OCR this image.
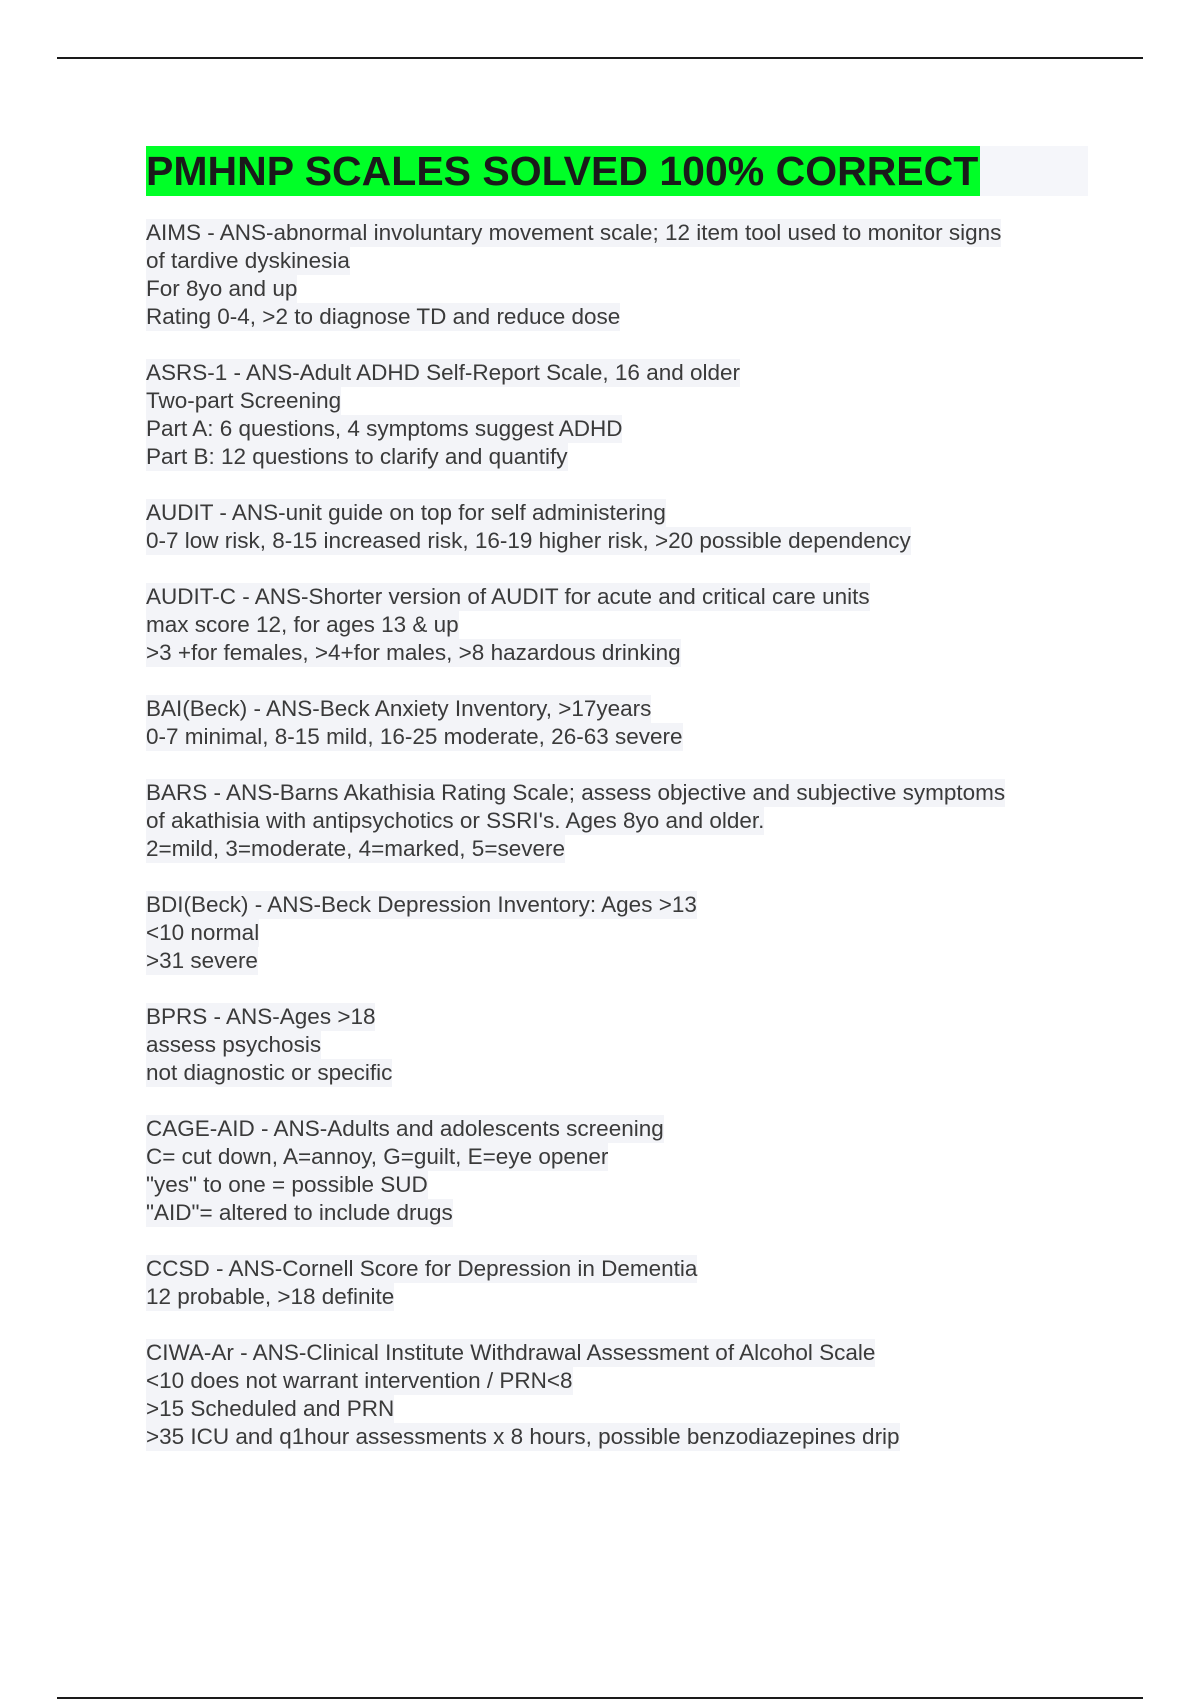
PMHNP SCALES SOLVED 100% CORRECT
AIMS - ANS-abnormal involuntary movement scale; 12 item tool used to monitor signs
of tardive dyskinesia
For 8yo and up
Rating 0-4, >2 to diagnose TD and reduce dose
ASRS-1 - ANS-Adult ADHD Self-Report Scale, 16 and older
Two-part Screening
Part A: 6 questions, 4 symptoms suggest ADHD
Part B: 12 questions to clarify and quantify
AUDIT - ANS-unit guide on top for self administering
0-7 low risk, 8-15 increased risk, 16-19 higher risk, >20 possible dependency
AUDIT-C - ANS-Shorter version of AUDIT for acute and critical care units
max score 12, for ages 13 & up
>3 +for females, >4+for males, >8 hazardous drinking
BAI(Beck) - ANS-Beck Anxiety Inventory, >17years
0-7 minimal, 8-15 mild, 16-25 moderate, 26-63 severe
BARS - ANS-Barns Akathisia Rating Scale; assess objective and subjective symptoms
of akathisia with antipsychotics or SSRI's. Ages 8yo and older.
2=mild, 3=moderate, 4=marked, 5=severe
BDI(Beck) - ANS-Beck Depression Inventory: Ages >13
<10 normal
>31 severe
BPRS - ANS-Ages >18
assess psychosis
not diagnostic or specific
CAGE-AID - ANS-Adults and adolescents screening
C= cut down, A=annoy, G=guilt, E=eye opener
"yes" to one = possible SUD
"AID"= altered to include drugs
CCSD - ANS-Cornell Score for Depression in Dementia
12 probable, >18 definite
CIWA-Ar - ANS-Clinical Institute Withdrawal Assessment of Alcohol Scale
<10 does not warrant intervention / PRN<8
>15 Scheduled and PRN
>35 ICU and q1hour assessments x 8 hours, possible benzodiazepines drip
